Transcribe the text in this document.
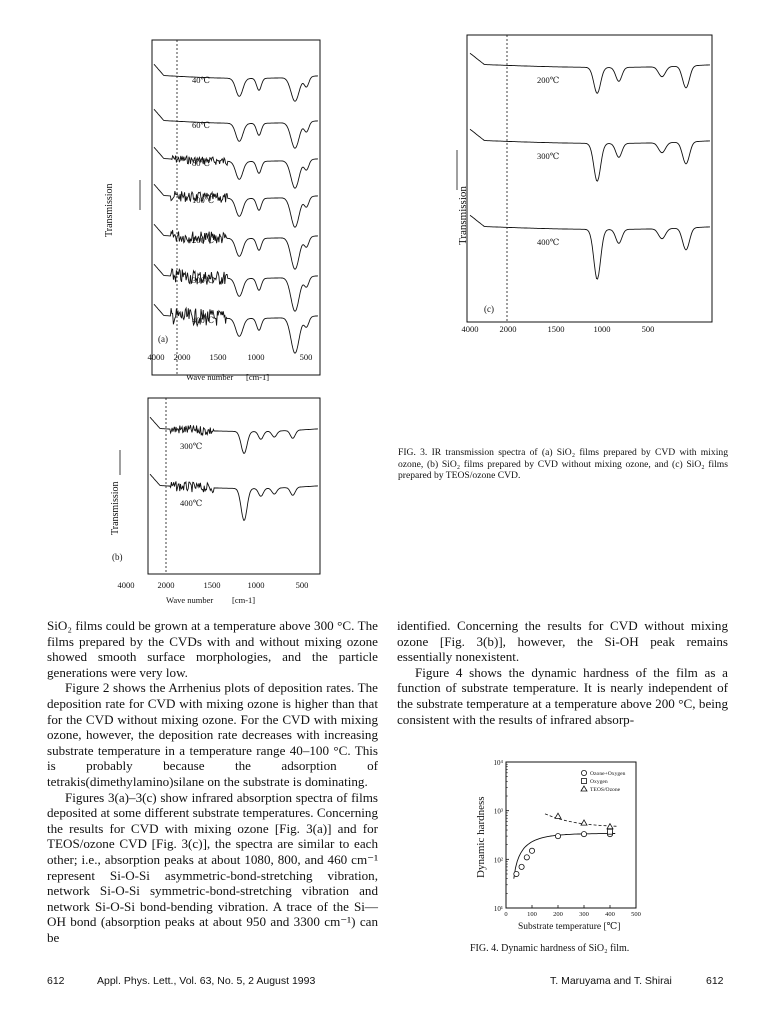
40℃
60℃
80℃
100℃
200℃
300℃
400℃
Transmission
(a)
4000 2000 1500 1000	500
Wave number [cm-1]
200℃
300℃
400℃
Transmission
(c)
4000 2000	1500	1000	500
300℃
400℃
Transmission
(b)
4000	2000	1500	1000	500
Wave number [cm-1]
FIG. 3. IR transmission spectra of (a) SiO₂ films prepared by CVD with mixing ozone, (b) SiO₂ films prepared by CVD without mixing ozone, and (c) SiO₂ films prepared by TEOS/ozone CVD.
0	100	200	300	400	500
10¹
10²
10³
10⁴
Dynamic hardness
Substrate temperature [℃]
Ozone+Oxygen
Oxygen
TEOS/Ozone
FIG. 4. Dynamic hardness of SiO₂ film.

SiO₂ films could be grown at a temperature above 300 °C. The films prepared by the CVDs with and without mixing ozone showed smooth surface morphologies, and the particle generations were very low.

Figure 2 shows the Arrhenius plots of deposition rates. The deposition rate for CVD with mixing ozone is higher than that for the CVD without mixing ozone. For the CVD with mixing ozone, however, the deposition rate decreases with increasing substrate temperature in a temperature range 40–100 °C. This is probably because the adsorption of tetrakis(dimethylamino)silane on the substrate is dominating.

Figures 3(a)–3(c) show infrared absorption spectra of films deposited at some different substrate temperatures. Concerning the results for CVD with mixing ozone [Fig. 3(a)] and for TEOS/ozone CVD [Fig. 3(c)], the spectra are similar to each other; i.e., absorption peaks at about 1080, 800, and 460 cm⁻¹ represent Si-O-Si asymmetric-bond-stretching vibration, network Si-O-Si symmetric-bond-stretching vibration and network Si-O-Si bond-bending vibration. A trace of the Si—OH bond (absorption peaks at about 950 and 3300 cm⁻¹) can be

identified. Concerning the results for CVD without mixing ozone [Fig. 3(b)], however, the Si-OH peak remains essentially nonexistent.

Figure 4 shows the dynamic hardness of the film as a function of substrate temperature. It is nearly independent of the substrate temperature at a temperature above 200 °C, being consistent with the results of infrared absorp-

612	Appl. Phys. Lett., Vol. 63, No. 5, 2 August 1993	T. Maruyama and T. Shirai	612
